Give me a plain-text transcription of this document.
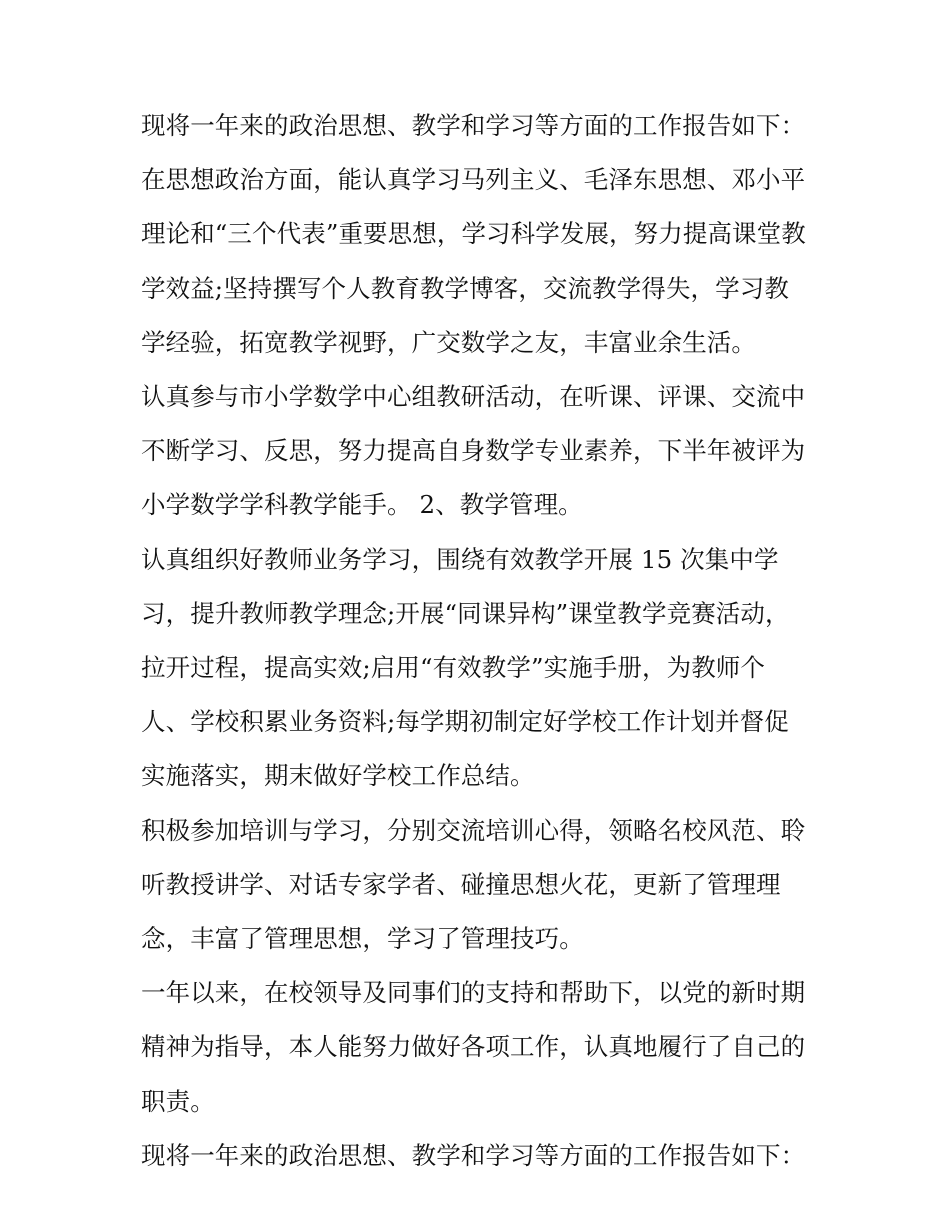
现将一年来的政治思想、教学和学习等方面的工作报告如下：
在思想政治方面，能认真学习马列主义、毛泽东思想、邓小平
理论和“三个代表”重要思想，学习科学发展，努力提高课堂教
学效益;坚持撰写个人教育教学博客，交流教学得失，学习教
学经验，拓宽教学视野，广交数学之友，丰富业余生活。
认真参与市小学数学中心组教研活动，在听课、评课、交流中
不断学习、反思，努力提高自身数学专业素养，下半年被评为
小学数学学科教学能手。 2、教学管理。
认真组织好教师业务学习，围绕有效教学开展 15 次集中学
习，提升教师教学理念;开展“同课异构”课堂教学竞赛活动，
拉开过程，提高实效;启用“有效教学”实施手册，为教师个
人、学校积累业务资料;每学期初制定好学校工作计划并督促
实施落实，期末做好学校工作总结。
积极参加培训与学习，分别交流培训心得，领略名校风范、聆
听教授讲学、对话专家学者、碰撞思想火花，更新了管理理
念，丰富了管理思想，学习了管理技巧。
一年以来，在校领导及同事们的支持和帮助下，以党的新时期
精神为指导，本人能努力做好各项工作，认真地履行了自己的
职责。
现将一年来的政治思想、教学和学习等方面的工作报告如下：
